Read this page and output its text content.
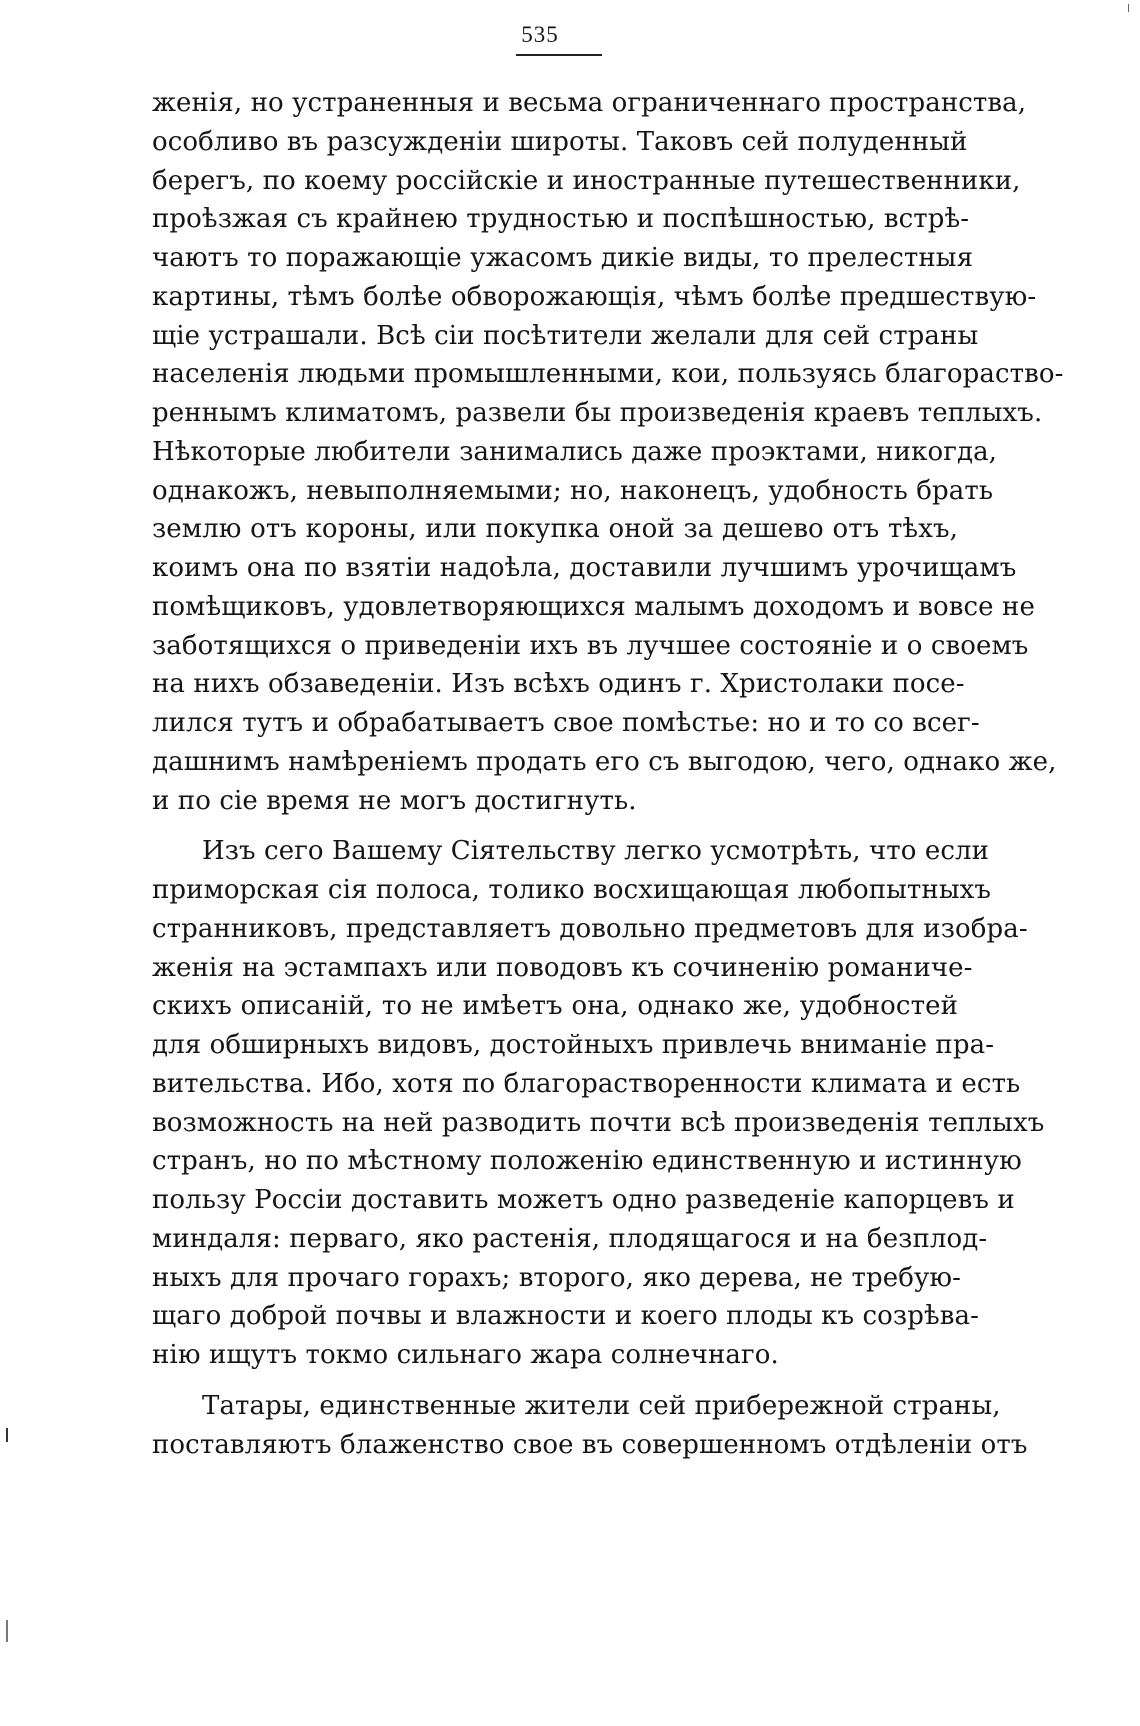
535
женія, но устраненныя и весьма ограниченнаго пространства,
особливо въ разсужденіи широты. Таковъ сей полуденный
берегъ, по коему россійскіе и иностранные путешественники,
проѣзжая съ крайнею трудностью и поспѣшностью, встрѣ-
чаютъ то поражающіе ужасомъ дикіе виды, то прелестныя
картины, тѣмъ болѣе обворожающія, чѣмъ болѣе предшествую-
щіе устрашали. Всѣ сіи посѣтители желали для сей страны
населенія людьми промышленными, кои, пользуясь благораство-
реннымъ климатомъ, развели бы произведенія краевъ теплыхъ.
Нѣкоторые любители занимались даже проэктами, никогда,
однакожъ, невыполняемыми; но, наконецъ, удобность брать
землю отъ короны, или покупка оной за дешево отъ тѣхъ,
коимъ она по взятіи надоѣла, доставили лучшимъ урочищамъ
помѣщиковъ, удовлетворяющихся малымъ доходомъ и вовсе не
заботящихся о приведеніи ихъ въ лучшее состояніе и о своемъ
на нихъ обзаведеніи. Изъ всѣхъ одинъ г. Христолаки посе-
лился тутъ и обрабатываетъ свое помѣстье: но и то со всег-
дашнимъ намѣреніемъ продать его съ выгодою, чего, однако же,
и по сіе время не могъ достигнуть.
Изъ сего Вашему Сіятельству легко усмотрѣть, что если
приморская сія полоса, толико восхищающая любопытныхъ
странниковъ, представляетъ довольно предметовъ для изобра-
женія на эстампахъ или поводовъ къ сочиненію романиче-
скихъ описаній, то не имѣетъ она, однако же, удобностей
для обширныхъ видовъ, достойныхъ привлечь вниманіе пра-
вительства. Ибо, хотя по благорастворенности климата и есть
возможность на ней разводить почти всѣ произведенія теплыхъ
странъ, но по мѣстному положенію единственную и истинную
пользу Россіи доставить можетъ одно разведеніе капорцевъ и
миндаля: перваго, яко растенія, плодящагося и на безплод-
ныхъ для прочаго горахъ; второго, яко дерева, не требую-
щаго доброй почвы и влажности и коего плоды къ созрѣва-
нію ищутъ токмо сильнаго жара солнечнаго.
Татары, единственные жители сей прибережной страны,
поставляютъ блаженство свое въ совершенномъ отдѣленіи отъ
